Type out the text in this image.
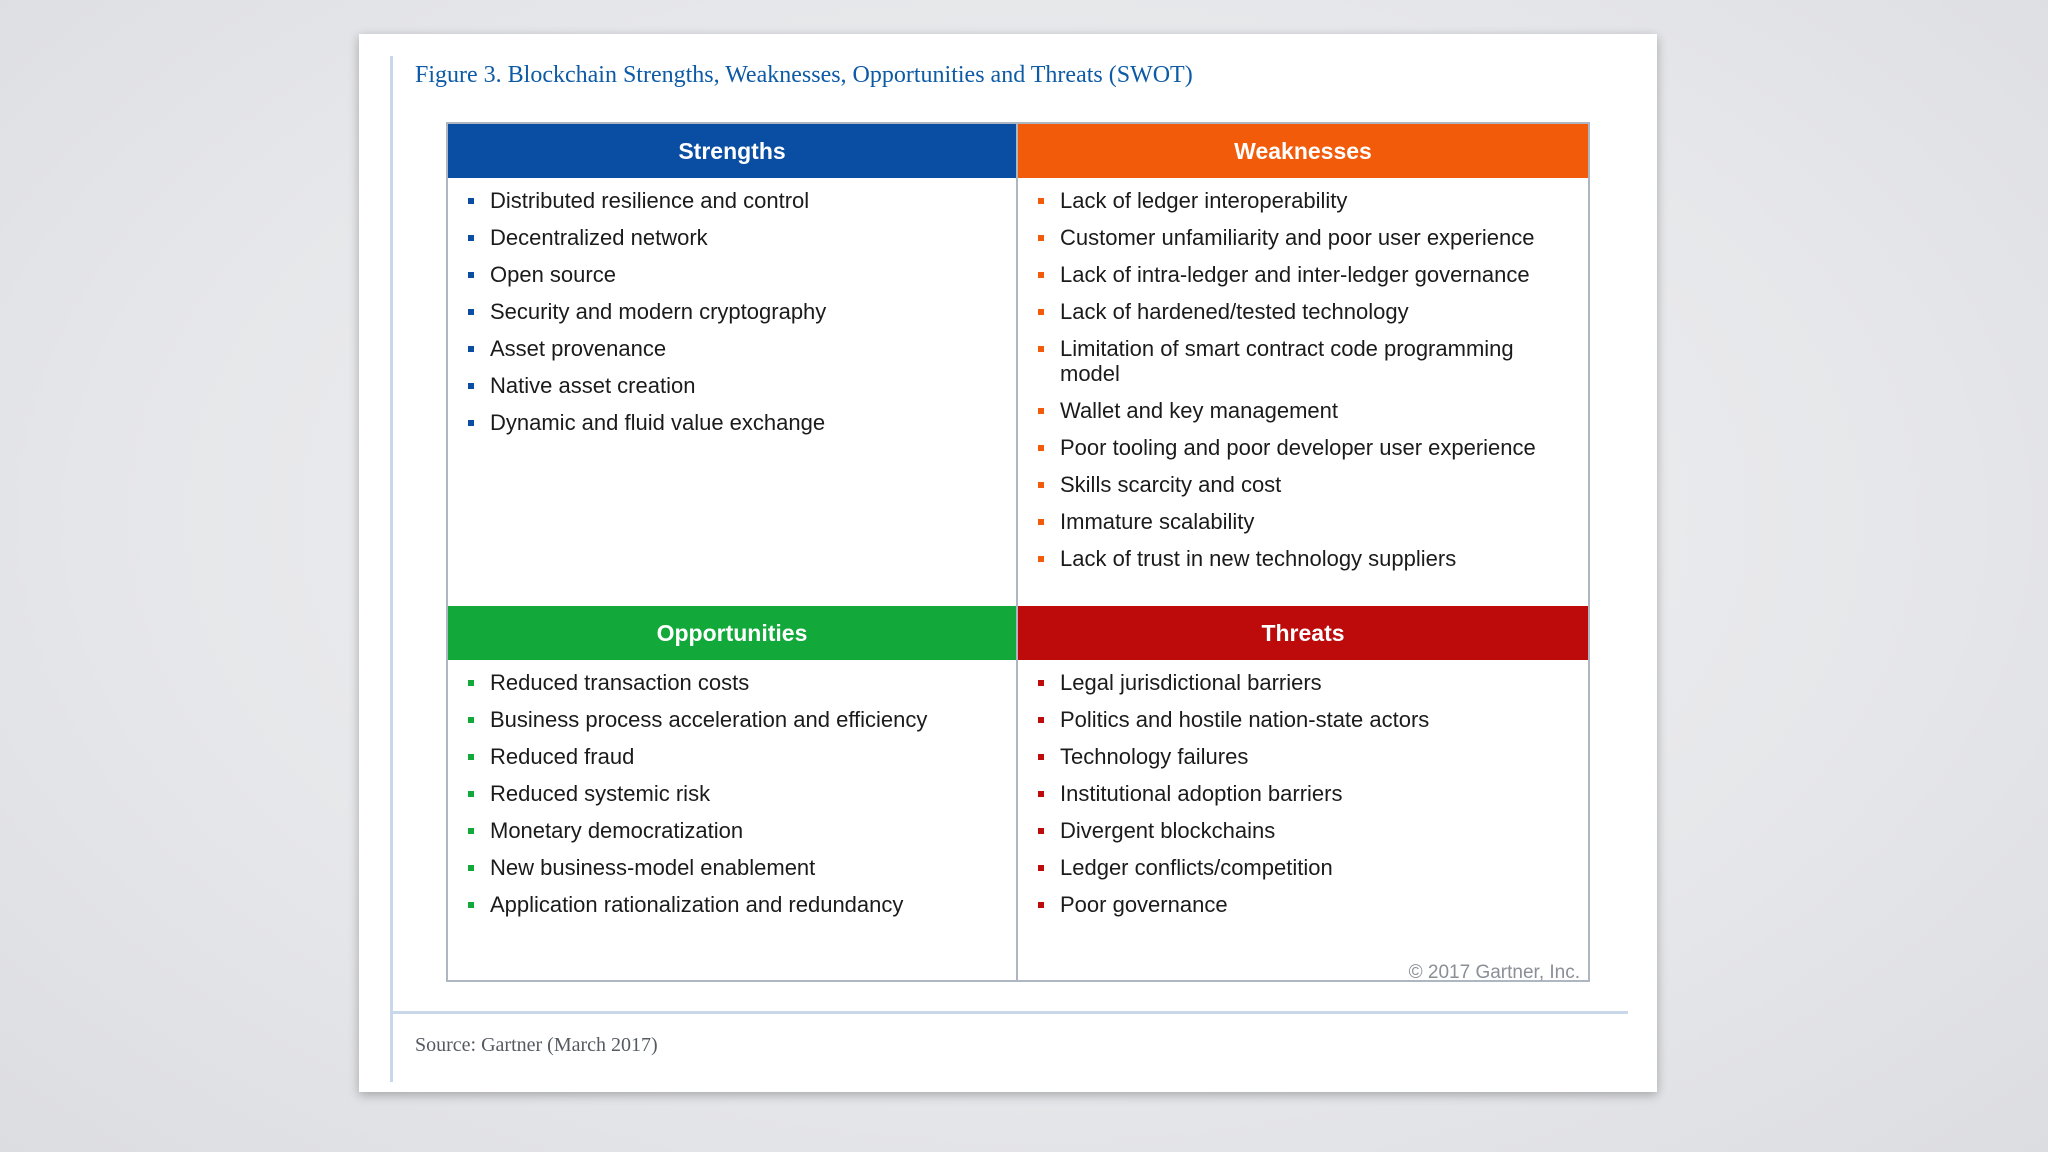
Figure 3. Blockchain Strengths, Weaknesses, Opportunities and Threats (SWOT)
Strengths
Distributed resilience and control
Decentralized network
Open source
Security and modern cryptography
Asset provenance
Native asset creation
Dynamic and fluid value exchange
Weaknesses
Lack of ledger interoperability
Customer unfamiliarity and poor user experience
Lack of intra-ledger and inter-ledger governance
Lack of hardened/tested technology
Limitation of smart contract code programming model
Wallet and key management
Poor tooling and poor developer user experience
Skills scarcity and cost
Immature scalability
Lack of trust in new technology suppliers
Opportunities
Reduced transaction costs
Business process acceleration and efficiency
Reduced fraud
Reduced systemic risk
Monetary democratization
New business-model enablement
Application rationalization and redundancy
Threats
Legal jurisdictional barriers
Politics and hostile nation-state actors
Technology failures
Institutional adoption barriers
Divergent blockchains
Ledger conflicts/competition
Poor governance
© 2017 Gartner, Inc.
Source: Gartner (March 2017)
